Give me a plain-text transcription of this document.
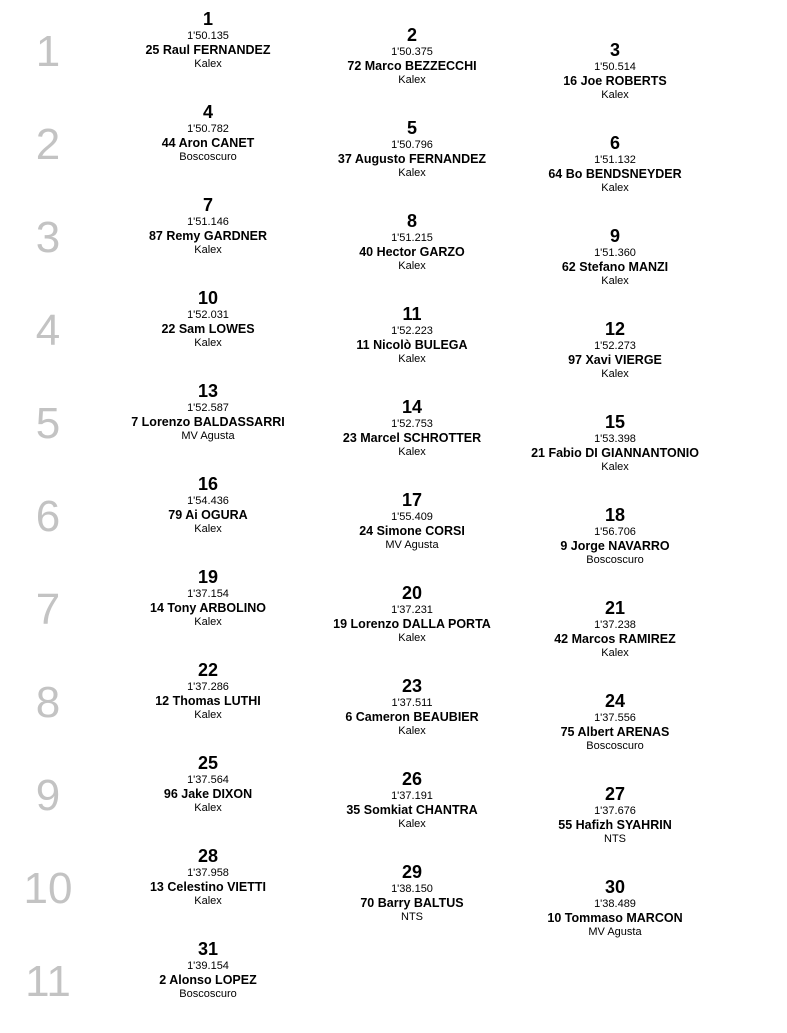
1
1
1'50.135
25 Raul FERNANDEZ
Kalex
2
1'50.375
72 Marco BEZZECCHI
Kalex
3
1'50.514
16 Joe ROBERTS
Kalex
2
4
1'50.782
44 Aron CANET
Boscoscuro
5
1'50.796
37 Augusto FERNANDEZ
Kalex
6
1'51.132
64 Bo BENDSNEYDER
Kalex
3
7
1'51.146
87 Remy GARDNER
Kalex
8
1'51.215
40 Hector GARZO
Kalex
9
1'51.360
62 Stefano MANZI
Kalex
4
10
1'52.031
22 Sam LOWES
Kalex
11
1'52.223
11 Nicolò BULEGA
Kalex
12
1'52.273
97 Xavi VIERGE
Kalex
5
13
1'52.587
7 Lorenzo BALDASSARRI
MV Agusta
14
1'52.753
23 Marcel SCHROTTER
Kalex
15
1'53.398
21 Fabio DI GIANNANTONIO
Kalex
6
16
1'54.436
79 Ai OGURA
Kalex
17
1'55.409
24 Simone CORSI
MV Agusta
18
1'56.706
9 Jorge NAVARRO
Boscoscuro
7
19
1'37.154
14 Tony ARBOLINO
Kalex
20
1'37.231
19 Lorenzo DALLA PORTA
Kalex
21
1'37.238
42 Marcos RAMIREZ
Kalex
8
22
1'37.286
12 Thomas LUTHI
Kalex
23
1'37.511
6 Cameron BEAUBIER
Kalex
24
1'37.556
75 Albert ARENAS
Boscoscuro
9
25
1'37.564
96 Jake DIXON
Kalex
26
1'37.191
35 Somkiat CHANTRA
Kalex
27
1'37.676
55 Hafizh SYAHRIN
NTS
10
28
1'37.958
13 Celestino VIETTI
Kalex
29
1'38.150
70 Barry BALTUS
NTS
30
1'38.489
10 Tommaso MARCON
MV Agusta
11
31
1'39.154
2 Alonso LOPEZ
Boscoscuro
